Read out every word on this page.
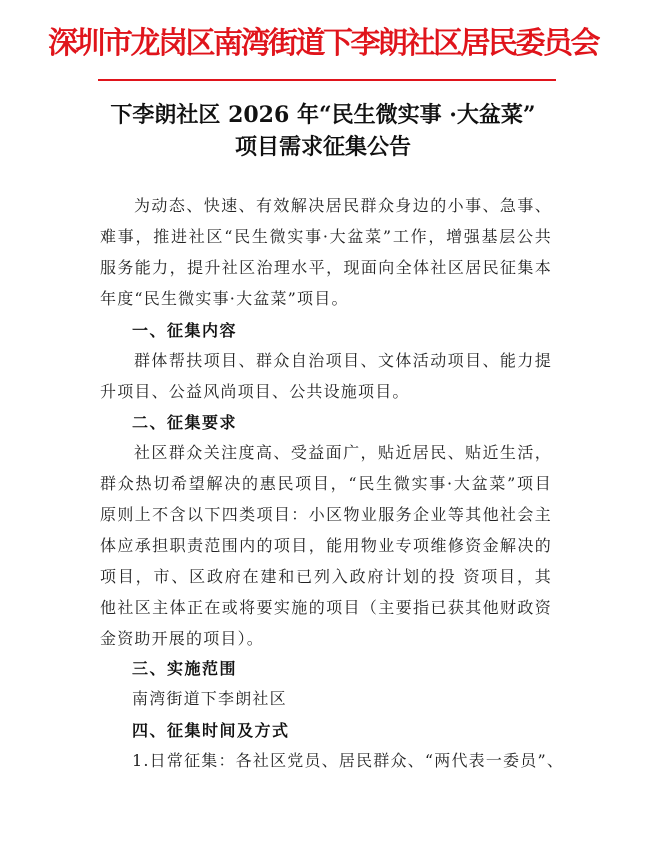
深圳市龙岗区南湾街道下李朗社区居民委员会
下李朗社区 2026 年“民生微实事 ·大盆菜”
项目需求征集公告
为动态、快速、有效解决居民群众身边的小事、急事、难事，推进社区“民生微实事·大盆菜”工作，增强基层公共服务能力，提升社区治理水平，现面向全体社区居民征集本年度“民生微实事·大盆菜”项目。
一、征集内容
群体帮扶项目、群众自治项目、文体活动项目、能力提升项目、公益风尚项目、公共设施项目。
二、征集要求
社区群众关注度高、受益面广，贴近居民、贴近生活，群众热切希望解决的惠民项目，“民生微实事·大盆菜”项目原则上不含以下四类项目：小区物业服务企业等其他社会主体应承担职责范围内的项目，能用物业专项维修资金解决的项目，市、区政府在建和已列入政府计划的投 资项目，其他社区主体正在或将要实施的项目（主要指已获其他财政资金资助开展的项目）。
三、实施范围
南湾街道下李朗社区
四、征集时间及方式
1.日常征集：各社区党员、居民群众、“两代表一委员”、
